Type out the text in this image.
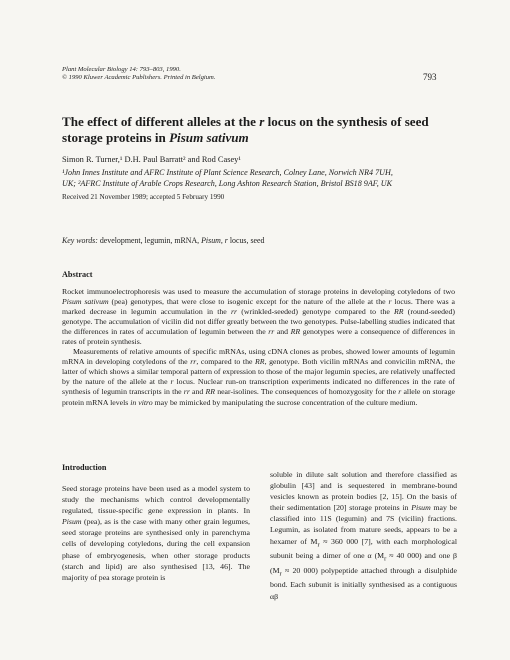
Plant Molecular Biology 14: 793–803, 1990.
© 1990 Kluwer Academic Publishers. Printed in Belgium.	793
The effect of different alleles at the r locus on the synthesis of seed storage proteins in Pisum sativum
Simon R. Turner,¹ D.H. Paul Barratt² and Rod Casey¹
¹John Innes Institute and AFRC Institute of Plant Science Research, Colney Lane, Norwich NR4 7UH,
UK; ²AFRC Institute of Arable Crops Research, Long Ashton Research Station, Bristol BS18 9AF, UK
Received 21 November 1989; accepted 5 February 1990
Key words: development, legumin, mRNA, Pisum, r locus, seed
Abstract

Rocket immunoelectrophoresis was used to measure the accumulation of storage proteins in developing cotyledons of two Pisum sativum (pea) genotypes, that were close to isogenic except for the nature of the allele at the r locus. There was a marked decrease in legumin accumulation in the rr (wrinkled-seeded) genotype compared to the RR (round-seeded) genotype. The accumulation of vicilin did not differ greatly between the two genotypes. Pulse-labelling studies indicated that the differences in rates of accumulation of legumin between the rr and RR genotypes were a consequence of differences in rates of protein synthesis.

Measurements of relative amounts of specific mRNAs, using cDNA clones as probes, showed lower amounts of legumin mRNA in developing cotyledons of the rr, compared to the RR, genotype. Both vicilin mRNAs and convicilin mRNA, the latter of which shows a similar temporal pattern of expression to those of the major legumin species, are relatively unaffected by the nature of the allele at the r locus. Nuclear run-on transcription experiments indicated no differences in the rate of synthesis of legumin transcripts in the rr and RR near-isolines. The consequences of homozygosity for the r allele on storage protein mRNA levels in vitro may be mimicked by manipulating the sucrose concentration of the culture medium.

Introduction

Seed storage proteins have been used as a model system to study the mechanisms which control developmentally regulated, tissue-specific gene expression in plants. In Pisum (pea), as is the case with many other grain legumes, seed storage proteins are synthesised only in parenchyma cells of developing cotyledons, during the cell expansion phase of embryogenesis, when other storage products (starch and lipid) are also synthesised [13, 46]. The majority of pea storage protein is

soluble in dilute salt solution and therefore classified as globulin [43] and is sequestered in membrane-bound vesicles known as protein bodies [2, 15]. On the basis of their sedimentation [20] storage proteins in Pisum may be classified into 11S (legumin) and 7S (vicilin) fractions. Legumin, as isolated from mature seeds, appears to be a hexamer of $M_r \approx 360$ 000 [7], with each morphological subunit being a dimer of one α ($M_r \approx 40$ 000) and one β ($M_r \approx 20$ 000) polypeptide attached through a disulphide bond. Each subunit is initially synthesised as a contiguous αβ
